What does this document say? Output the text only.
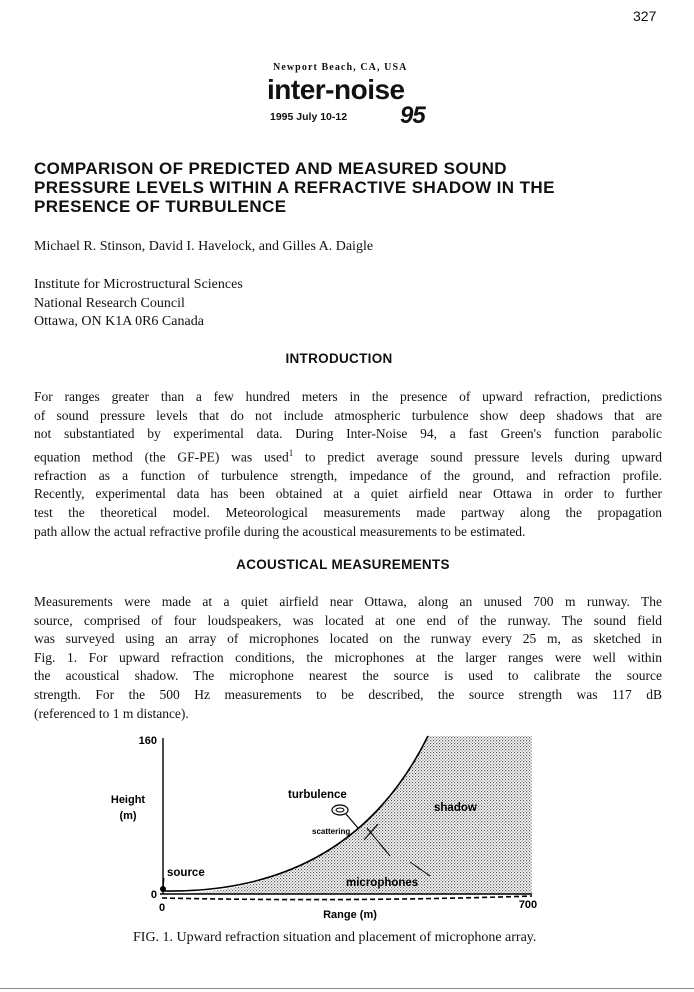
327
Newport Beach, CA, USA
inter-noise
1995 July 10-12 95
COMPARISON OF PREDICTED AND MEASURED SOUND
PRESSURE LEVELS WITHIN A REFRACTIVE SHADOW IN THE
PRESENCE OF TURBULENCE
Michael R. Stinson, David I. Havelock, and Gilles A. Daigle
Institute for Microstructural Sciences
National Research Council
Ottawa, ON K1A 0R6 Canada
INTRODUCTION
For ranges greater than a few hundred meters in the presence of upward refraction, predictions
of sound pressure levels that do not include atmospheric turbulence show deep shadows that are
not substantiated by experimental data. During Inter-Noise 94, a fast Green's function parabolic
equation method (the GF-PE) was used$^1$ to predict average sound pressure levels during upward
refraction as a function of turbulence strength, impedance of the ground, and refraction profile.
Recently, experimental data has been obtained at a quiet airfield near Ottawa in order to further
test the theoretical model. Meteorological measurements made partway along the propagation
path allow the actual refractive profile during the acoustical measurements to be estimated.
ACOUSTICAL MEASUREMENTS
Measurements were made at a quiet airfield near Ottawa, along an unused 700 m runway. The
source, comprised of four loudspeakers, was located at one end of the runway. The sound field
was surveyed using an array of microphones located on the runway every 25 m, as sketched in
Fig. 1. For upward refraction conditions, the microphones at the larger ranges were well within
the acoustical shadow. The microphone nearest the source is used to calibrate the source
strength. For the 500 Hz measurements to be described, the source strength was 117 dB
(referenced to 1 m distance).
160
0
0	700
Height
(m)
Range (m)
turbulence
scattering
shadow
microphones
source
FIG. 1. Upward refraction situation and placement of microphone array.
